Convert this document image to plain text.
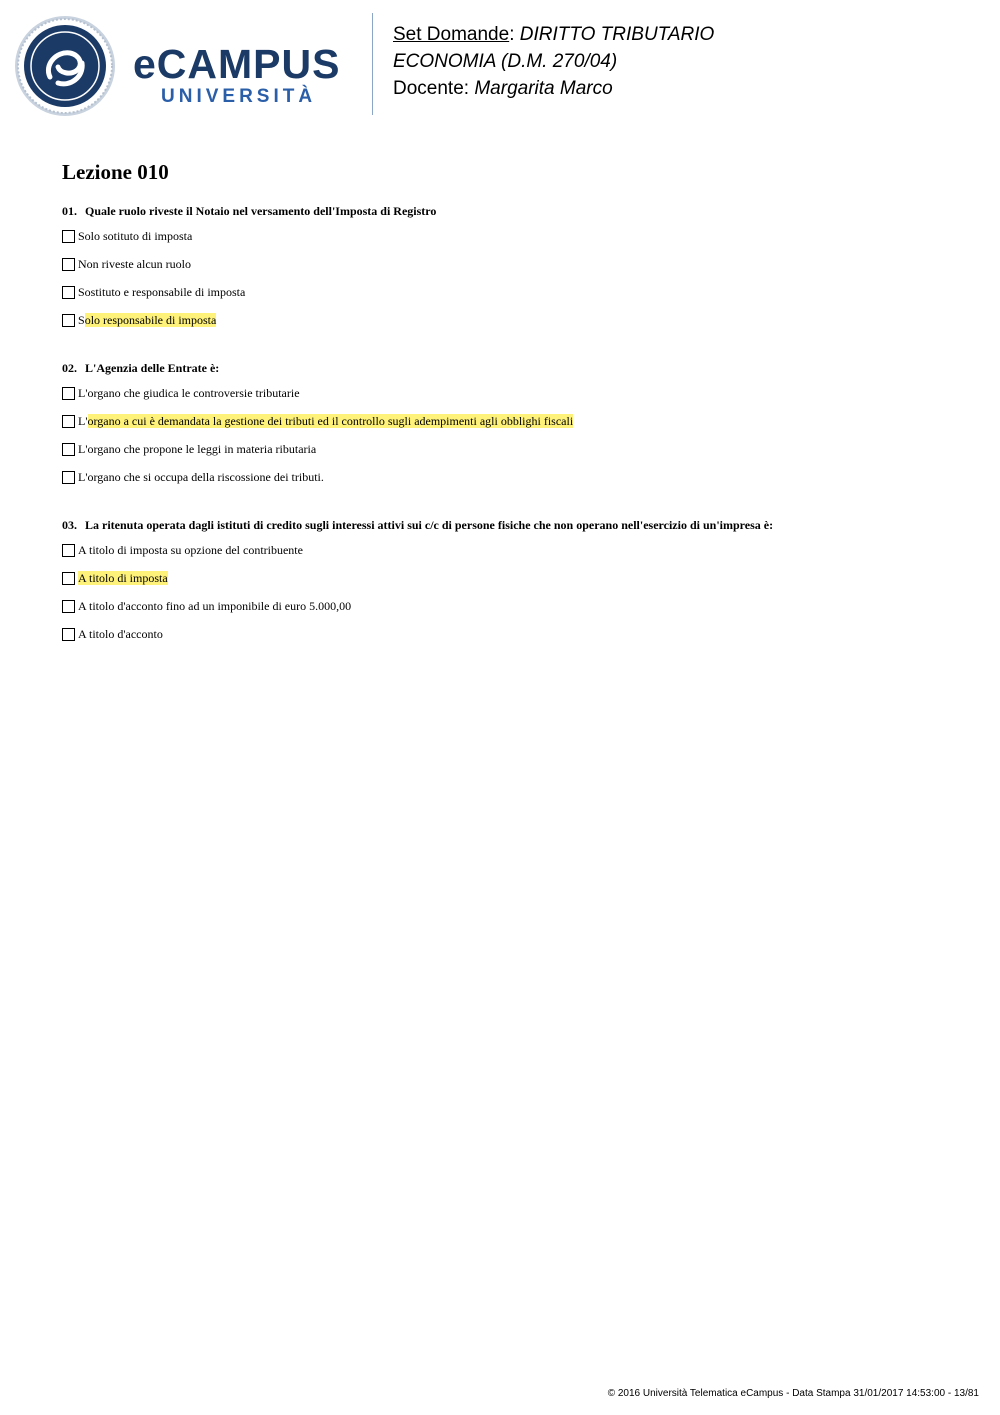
eCAMPUS
UNIVERSITÀ
Set Domande: DIRITTO TRIBUTARIO
ECONOMIA (D.M. 270/04)
Docente: Margarita Marco
Lezione 010
01. Quale ruolo riveste il Notaio nel versamento dell'Imposta di Registro
Solo sotituto di imposta
Non riveste alcun ruolo
Sostituto e responsabile di imposta
Solo responsabile di imposta
02. L'Agenzia delle Entrate è:
L'organo che giudica le controversie tributarie
L'organo a cui è demandata la gestione dei tributi ed il controllo sugli adempimenti agli obblighi fiscali
L'organo che propone le leggi in materia ributaria
L'organo che si occupa della riscossione dei tributi.
03. La ritenuta operata dagli istituti di credito sugli interessi attivi sui c/c di persone fisiche che non operano nell'esercizio di un'impresa è:
A titolo di imposta su opzione del contribuente
A titolo di imposta
A titolo d'acconto fino ad un imponibile di euro 5.000,00
A titolo d'acconto
© 2016 Università Telematica eCampus - Data Stampa 31/01/2017 14:53:00 - 13/81
